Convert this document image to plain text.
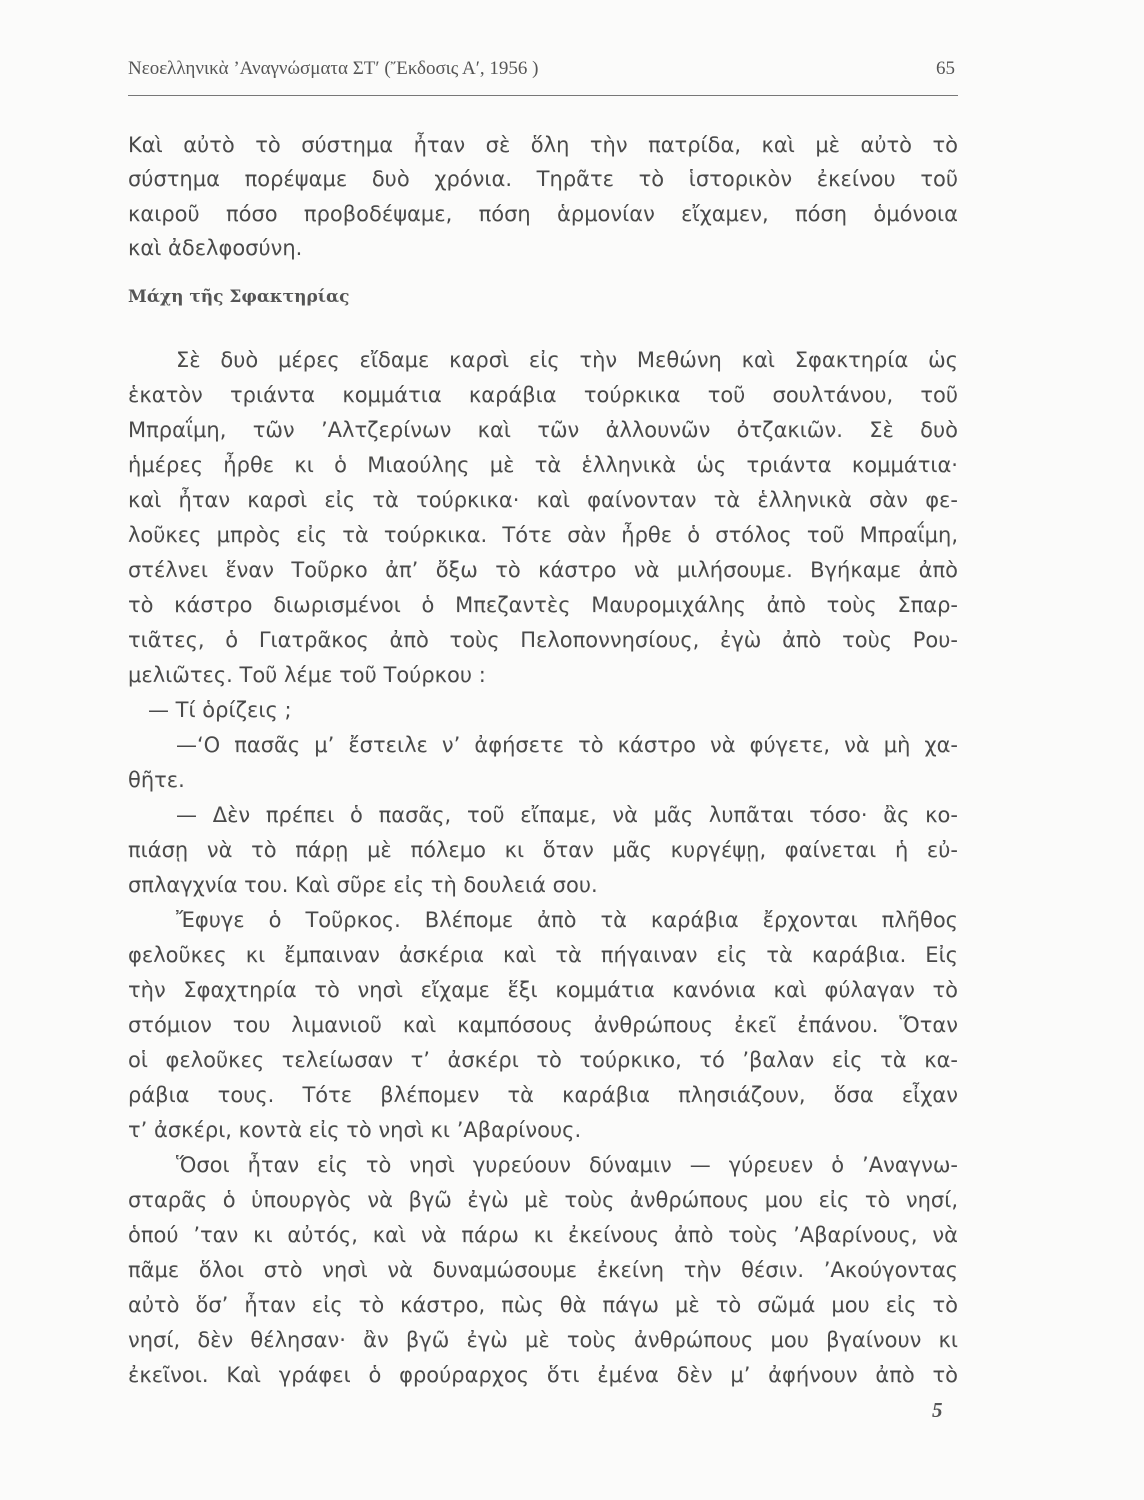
Νεοελληνικὰ ’Αναγνώσματα ΣΤ′ (Ἔκδοσις Α′, 1956 )	65
Καὶ αὐτὸ τὸ σύστημα ἦταν σὲ ὅλη τὴν πατρίδα, καὶ μὲ αὐτὸ τὸ
σύστημα πορέψαμε δυὸ χρόνια. Τηρᾶτε τὸ ἱστορικὸν ἐκείνου τοῦ
καιροῦ πόσο προβοδέψαμε, πόση ἁρμονίαν εἴχαμεν, πόση ὁμόνοια
καὶ ἀδελφοσύνη.
Σὲ δυὸ μέρες εἴδαμε καρσὶ εἰς τὴν Μεθώνη καὶ Σφακτηρία ὡς
ἑκατὸν τριάντα κομμάτια καράβια τούρκικα τοῦ σουλτάνου, τοῦ
Μπραΐμη, τῶν ’Αλτζερίνων καὶ τῶν ἀλλουνῶν ὀτζακιῶν. Σὲ δυὸ
ἡμέρες ἦρθε κι ὁ Μιαούλης μὲ τὰ ἑλληνικὰ ὡς τριάντα κομμάτια·
καὶ ἦταν καρσὶ εἰς τὰ τούρκικα· καὶ φαίνονταν τὰ ἑλληνικὰ σὰν φε-
λοῦκες μπρὸς εἰς τὰ τούρκικα. Τότε σὰν ἦρθε ὁ στόλος τοῦ Μπραΐμη,
στέλνει ἕναν Τοῦρκο ἀπ’ ὄξω τὸ κάστρο νὰ μιλήσουμε. Βγήκαμε ἀπὸ
τὸ κάστρο διωρισμένοι ὁ Μπεζαντὲς Μαυρομιχάλης ἀπὸ τοὺς Σπαρ-
τιᾶτες, ὁ Γιατρᾶκος ἀπὸ τοὺς Πελοποννησίους, ἐγὼ ἀπὸ τοὺς Ρου-
μελιῶτες. Τοῦ λέμε τοῦ Τούρκου :
— Τί ὁρίζεις ;
—‘Ο πασᾶς μ’ ἔστειλε ν’ ἀφήσετε τὸ κάστρο νὰ φύγετε, νὰ μὴ χα-
θῆτε.
— Δὲν πρέπει ὁ πασᾶς, τοῦ εἴπαμε, νὰ μᾶς λυπᾶται τόσο· ἂς κο-
πιάσῃ νὰ τὸ πάρῃ μὲ πόλεμο κι ὅταν μᾶς κυργέψῃ, φαίνεται ἡ εὐ-
σπλαγχνία του. Καὶ σῦρε εἰς τὴ δουλειά σου.
Ἔφυγε ὁ Τοῦρκος. Βλέπομε ἀπὸ τὰ καράβια ἔρχονται πλῆθος
φελοῦκες κι ἔμπαιναν ἀσκέρια καὶ τὰ πήγαιναν εἰς τὰ καράβια. Εἰς
τὴν Σφαχτηρία τὸ νησὶ εἴχαμε ἕξι κομμάτια κανόνια καὶ φύλαγαν τὸ
στόμιον του λιμανιοῦ καὶ καμπόσους ἀνθρώπους ἐκεῖ ἐπάνου. Ὅταν
οἱ φελοῦκες τελείωσαν τ’ ἀσκέρι τὸ τούρκικο, τό ’βαλαν εἰς τὰ κα-
ράβια τους. Τότε βλέπομεν τὰ καράβια πλησιάζουν, ὅσα εἶχαν
τ’ ἀσκέρι, κοντὰ εἰς τὸ νησὶ κι ’Αβαρίνους.
Ὅσοι ἦταν εἰς τὸ νησὶ γυρεύουν δύναμιν — γύρευεν ὁ ’Αναγνω-
σταρᾶς ὁ ὑπουργὸς νὰ βγῶ ἐγὼ μὲ τοὺς ἀνθρώπους μου εἰς τὸ νησί,
ὁπού ’ταν κι αὐτός, καὶ νὰ πάρω κι ἐκείνους ἀπὸ τοὺς ’Αβαρίνους, νὰ
πᾶμε ὅλοι στὸ νησὶ νὰ δυναμώσουμε ἐκείνη τὴν θέσιν. ’Ακούγοντας
αὐτὸ ὅσ’ ἦταν εἰς τὸ κάστρο, πὼς θὰ πάγω μὲ τὸ σῶμά μου εἰς τὸ
νησί, δὲν θέλησαν· ἂν βγῶ ἐγὼ μὲ τοὺς ἀνθρώπους μου βγαίνουν κι
ἐκεῖνοι. Καὶ γράφει ὁ φρούραρχος ὅτι ἐμένα δὲν μ’ ἀφήνουν ἀπὸ τὸ
Μάχη τῆς Σφακτηρίας
5
